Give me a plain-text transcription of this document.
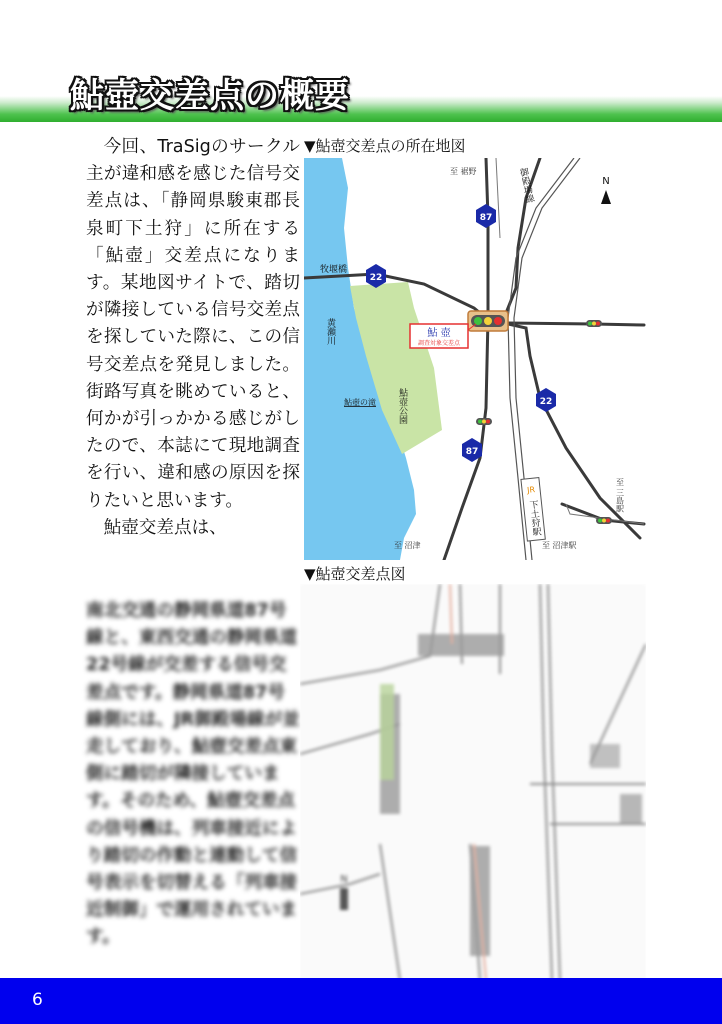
鮎壺交差点の概要

今回、TraSigのサークル主が違和感を感じた信号交差点は、「静岡県駿東郡長泉町下土狩」に所在する「鮎壺」交差点になります。某地図サイトで、踏切が隣接している信号交差点を探していた際に、この信号交差点を発見しました。街路写真を眺めていると、何かが引っかかる感じがしたので、本誌にて現地調査を行い、違和感の原因を探りたいと思います。

鮎壺交差点は、

南北交通の静岡県道87号線と、東西交通の静岡県道22号線が交差する信号交差点です。静岡県道87号線側には、JR御殿場線が並走しており、鮎壺交差点東側に踏切が隣接しています。そのため、鮎壺交差点の信号機は、列車接近により踏切の作動と連動して信号表示を切替える「列車接近制御」で運用されています。
▼鮎壺交差点の所在地図
87
22
22
87
N
至 裾野	御殿場線
牧堰橋
黄瀬川	鮎 壺
調査対象交差点
鮎壺の滝 鮎壺公園
JR
下土狩駅
至 三島駅
至 沼津	至 沼津駅
▼鮎壺交差点図
N
6
